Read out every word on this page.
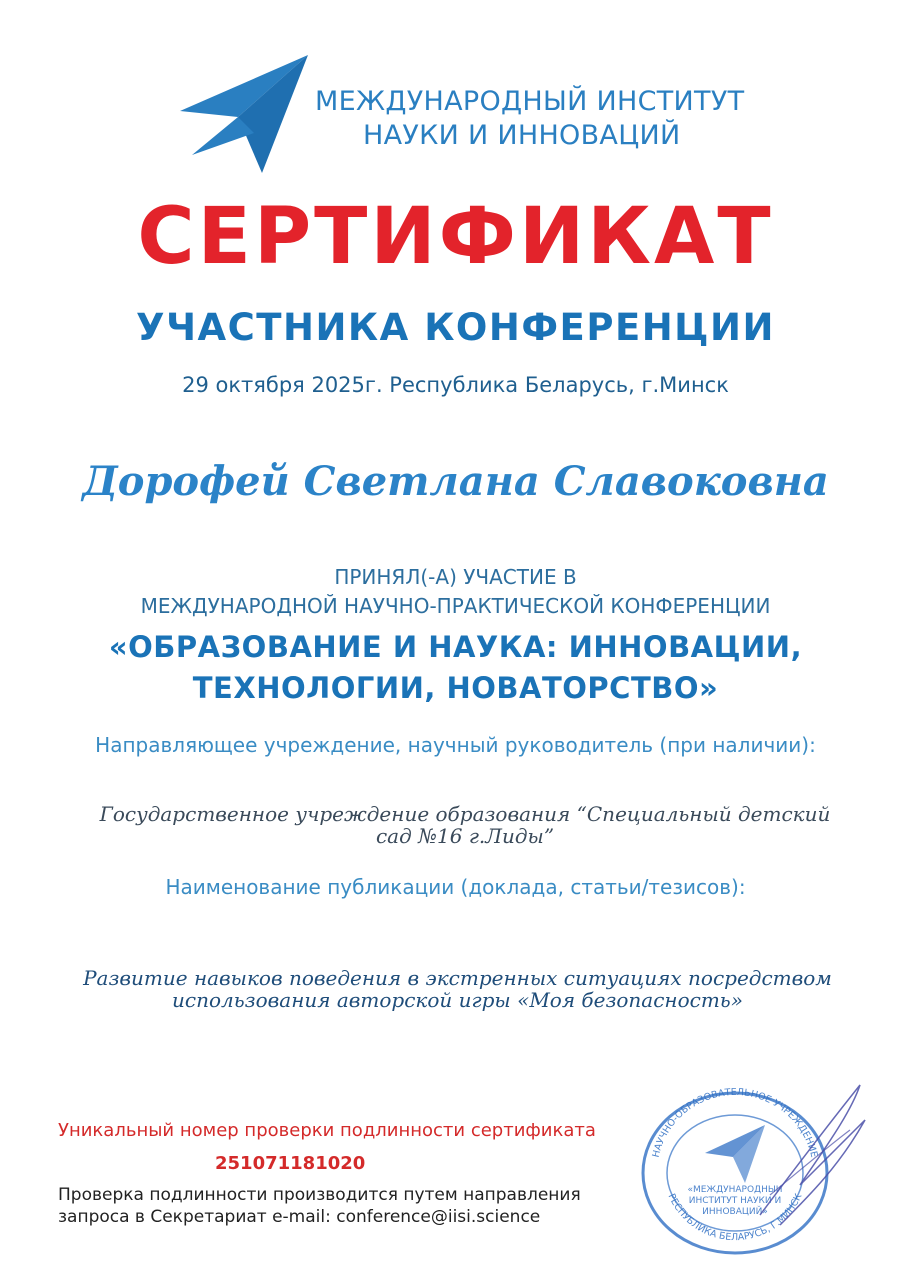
МЕЖДУНАРОДНЫЙ ИНСТИТУТ
НАУКИ И ИННОВАЦИЙ
СЕРТИФИКАТ
УЧАСТНИКА КОНФЕРЕНЦИИ
29 октября 2025г. Республика Беларусь, г.Минск
Дорофей Светлана Славоковна
ПРИНЯЛ(-А) УЧАСТИЕ В
МЕЖДУНАРОДНОЙ НАУЧНО-ПРАКТИЧЕСКОЙ КОНФЕРЕНЦИИ
«ОБРАЗОВАНИЕ И НАУКА: ИННОВАЦИИ,
ТЕХНОЛОГИИ, НОВАТОРСТВО»
Направляющее учреждение, научный руководитель (при наличии):
Государственное учреждение образования “Специальный детский сад №16 г.Лиды”
Наименование публикации (доклада, статьи/тезисов):
Развитие навыков поведения в экстренных ситуациях посредством использования авторской игры «Моя безопасность»
Уникальный номер проверки подлинности сертификата
251071181020
Проверка подлинности производится путем направления
запроса в Секретариат e-mail: conference@iisi.science
НАУЧНО-ОБРАЗОВАТЕЛЬНОЕ УЧРЕЖДЕНИЕ
РЕСПУБЛИКА БЕЛАРУСЬ, Г.МИНСК
«МЕЖДУНАРОДНЫЙ ИНСТИТУТ НАУКИ И ИННОВАЦИЙ»
